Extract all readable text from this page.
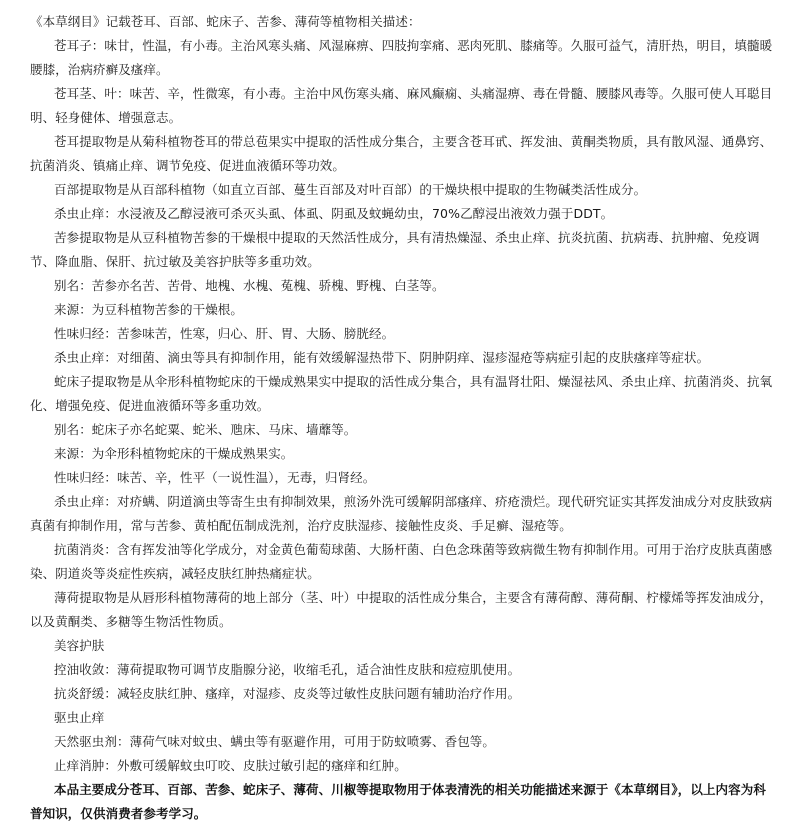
《本草纲目》记载苍耳、百部、蛇床子、苦参、薄荷等植物相关描述：

苍耳子：味甘，性温，有小毒。主治风寒头痛、风湿麻痹、四肢拘挛痛、恶肉死肌、膝痛等。久服可益气，清肝热，明目，填髓暖腰膝，治病疥癣及瘙痒。

苍耳茎、叶：味苦、辛，性微寒，有小毒。主治中风伤寒头痛、麻风癫痫、头痛湿痹、毒在骨髓、腰膝风毒等。久服可使人耳聪目明、轻身健体、增强意志。

苍耳提取物是从菊科植物苍耳的带总苞果实中提取的活性成分集合，主要含苍耳甙、挥发油、黄酮类物质，具有散风湿、通鼻窍、抗菌消炎、镇痛止痒、调节免疫、促进血液循环等功效。

百部提取物是从百部科植物（如直立百部、蔓生百部及对叶百部）的干燥块根中提取的生物碱类活性成分。

杀虫止痒：水浸液及乙醇浸液可杀灭头虱、体虱、阴虱及蚊蝇幼虫，70%乙醇浸出液效力强于DDT。

苦参提取物是从豆科植物苦参的干燥根中提取的天然活性成分，具有清热燥湿、杀虫止痒、抗炎抗菌、抗病毒、抗肿瘤、免疫调节、降血脂、保肝、抗过敏及美容护肤等多重功效。

别名：苦参亦名苦、苦骨、地槐、水槐、菟槐、骄槐、野槐、白茎等。

来源：为豆科植物苦参的干燥根。

性味归经：苦参味苦，性寒，归心、肝、胃、大肠、膀胱经。

杀虫止痒：对细菌、滴虫等具有抑制作用，能有效缓解湿热带下、阴肿阴痒、湿疹湿疮等病症引起的皮肤瘙痒等症状。

蛇床子提取物是从伞形科植物蛇床的干燥成熟果实中提取的活性成分集合，具有温肾壮阳、燥湿祛风、杀虫止痒、抗菌消炎、抗氧化、增强免疫、促进血液循环等多重功效。

别名：蛇床子亦名蛇粟、蛇米、虺床、马床、墙蘼等。

来源：为伞形科植物蛇床的干燥成熟果实。

性味归经：味苦、辛，性平（一说性温），无毒，归肾经。

杀虫止痒：对疥螨、阴道滴虫等寄生虫有抑制效果，煎汤外洗可缓解阴部瘙痒、疥疮溃烂。现代研究证实其挥发油成分对皮肤致病真菌有抑制作用，常与苦参、黄柏配伍制成洗剂，治疗皮肤湿疹、接触性皮炎、手足癣、湿疮等。

抗菌消炎：含有挥发油等化学成分，对金黄色葡萄球菌、大肠杆菌、白色念珠菌等致病微生物有抑制作用。可用于治疗皮肤真菌感染、阴道炎等炎症性疾病，减轻皮肤红肿热痛症状。

薄荷提取物是从唇形科植物薄荷的地上部分（茎、叶）中提取的活性成分集合，主要含有薄荷醇、薄荷酮、柠檬烯等挥发油成分，以及黄酮类、多糖等生物活性物质。

美容护肤

控油收敛：薄荷提取物可调节皮脂腺分泌，收缩毛孔，适合油性皮肤和痘痘肌使用。

抗炎舒缓：减轻皮肤红肿、瘙痒，对湿疹、皮炎等过敏性皮肤问题有辅助治疗作用。

驱虫止痒

天然驱虫剂：薄荷气味对蚊虫、螨虫等有驱避作用，可用于防蚊喷雾、香包等。

止痒消肿：外敷可缓解蚊虫叮咬、皮肤过敏引起的瘙痒和红肿。

本品主要成分苍耳、百部、苦参、蛇床子、薄荷、川椒等提取物用于体表清洗的相关功能描述来源于《本草纲目》，以上内容为科普知识，仅供消费者参考学习。
